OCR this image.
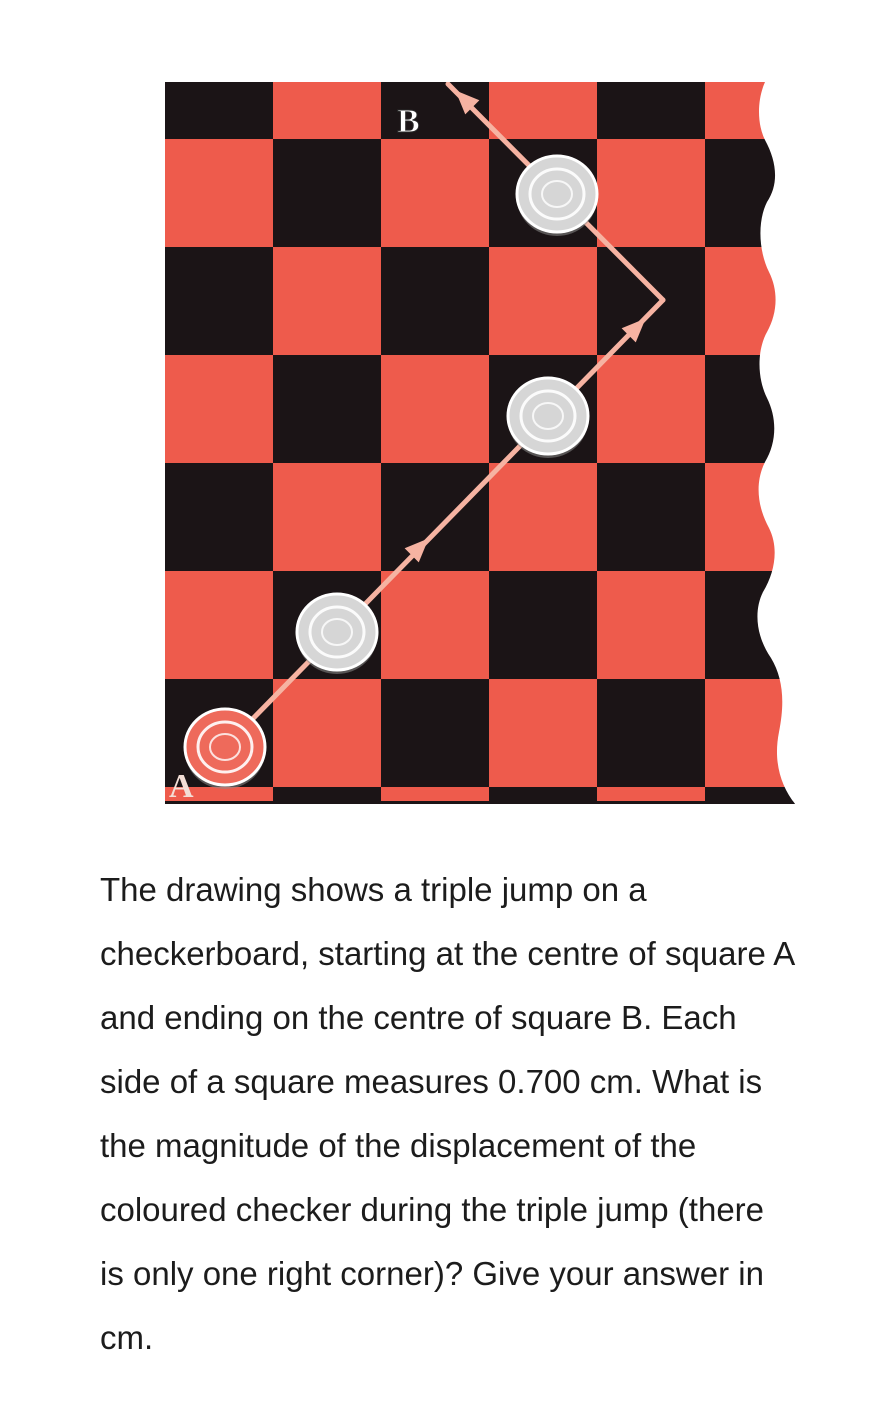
B
A

The drawing shows a triple jump on a
checkerboard, starting at the centre of square A
and ending on the centre of square B. Each
side of a square measures 0.700 cm. What is
the magnitude of the displacement of the
coloured checker during the triple jump (there
is only one right corner)? Give your answer in
cm.
